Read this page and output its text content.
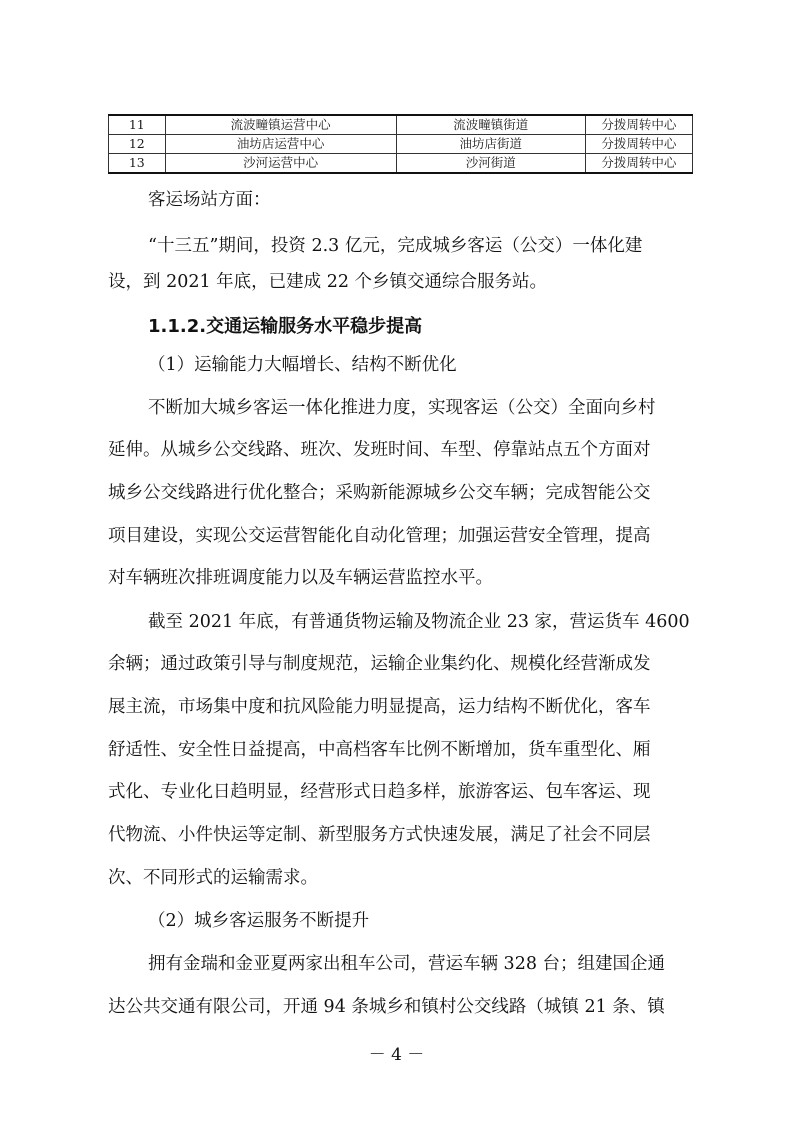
11	流波疃镇运营中心	流波疃镇街道	分拨周转中心
12	油坊店运营中心	油坊店街道	分拨周转中心
13	沙河运营中心	沙河街道	分拨周转中心

客运场站方面：

“十三五”期间，投资 2.3 亿元，完成城乡客运（公交）一体化建

设，到 2021 年底，已建成 22 个乡镇交通综合服务站。

1.1.2.交通运输服务水平稳步提高

（1）运输能力大幅增长、结构不断优化

不断加大城乡客运一体化推进力度，实现客运（公交）全面向乡村

延伸。从城乡公交线路、班次、发班时间、车型、停靠站点五个方面对

城乡公交线路进行优化整合；采购新能源城乡公交车辆；完成智能公交

项目建设，实现公交运营智能化自动化管理；加强运营安全管理，提高

对车辆班次排班调度能力以及车辆运营监控水平。

截至 2021 年底，有普通货物运输及物流企业 23 家，营运货车 4600

余辆；通过政策引导与制度规范，运输企业集约化、规模化经营渐成发

展主流，市场集中度和抗风险能力明显提高，运力结构不断优化，客车

舒适性、安全性日益提高，中高档客车比例不断增加，货车重型化、厢

式化、专业化日趋明显，经营形式日趋多样，旅游客运、包车客运、现

代物流、小件快运等定制、新型服务方式快速发展，满足了社会不同层

次、不同形式的运输需求。

（2）城乡客运服务不断提升

拥有金瑞和金亚夏两家出租车公司，营运车辆 328 台；组建国企通

达公共交通有限公司，开通 94 条城乡和镇村公交线路（城镇 21 条、镇

－ 4 －
